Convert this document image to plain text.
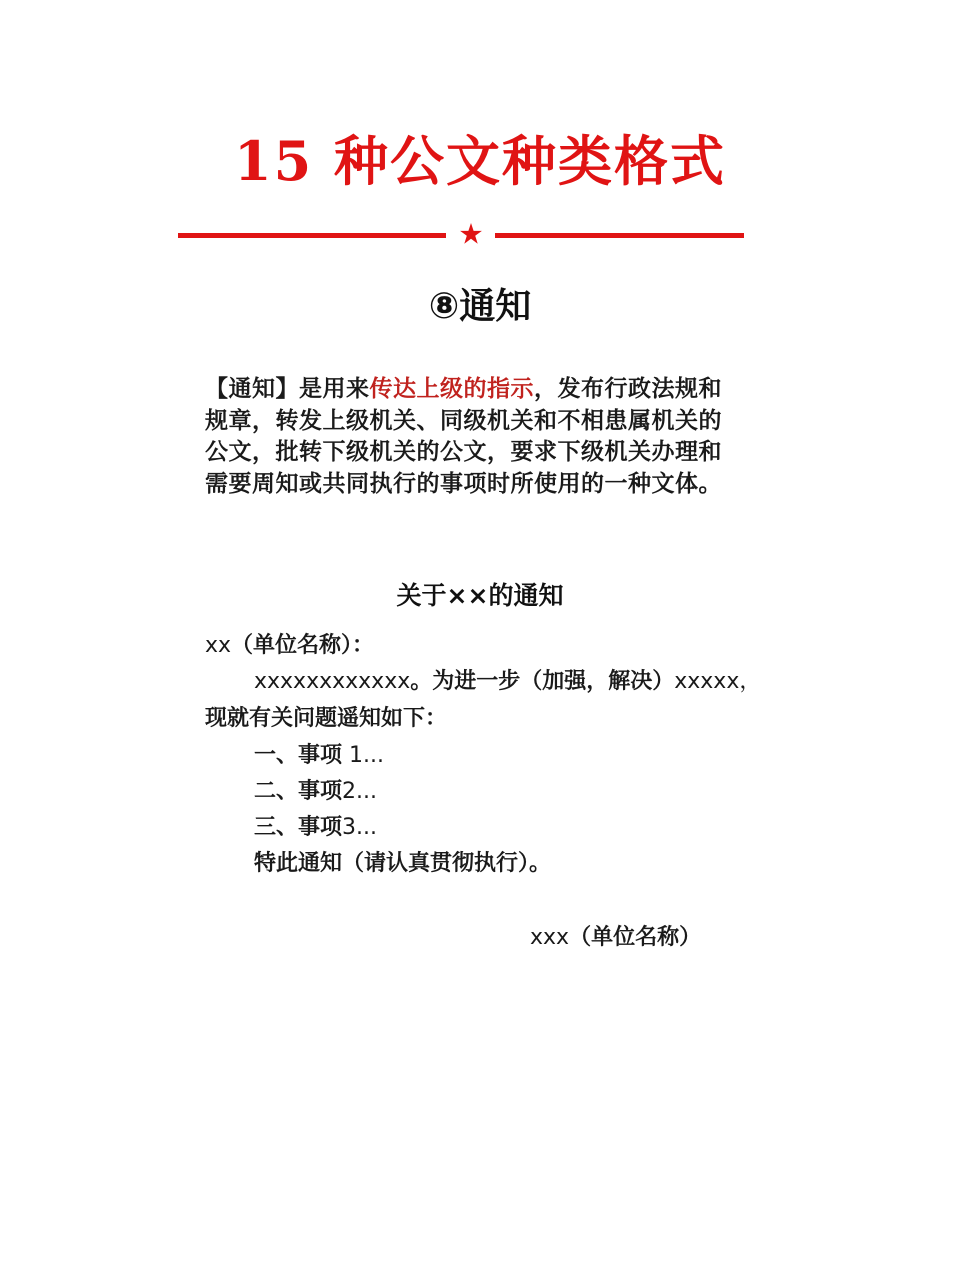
15 种公文种类格式
⑧通知
【通知】是用来传达上级的指示，发布行政法规和规章，转发上级机关、同级机关和不相患属机关的公文，批转下级机关的公文，要求下级机关办理和需要周知或共同执行的事项时所使用的一种文体。
关于××的通知
xx（单位名称）：
xxxxxxxxxxxx。为进一步（加强，解决）xxxxx，
现就有关问题遥知如下：
一、事项 1...
二、事项2...
三、事项3...
特此通知（请认真贯彻执行）。
xxx（单位名称）
